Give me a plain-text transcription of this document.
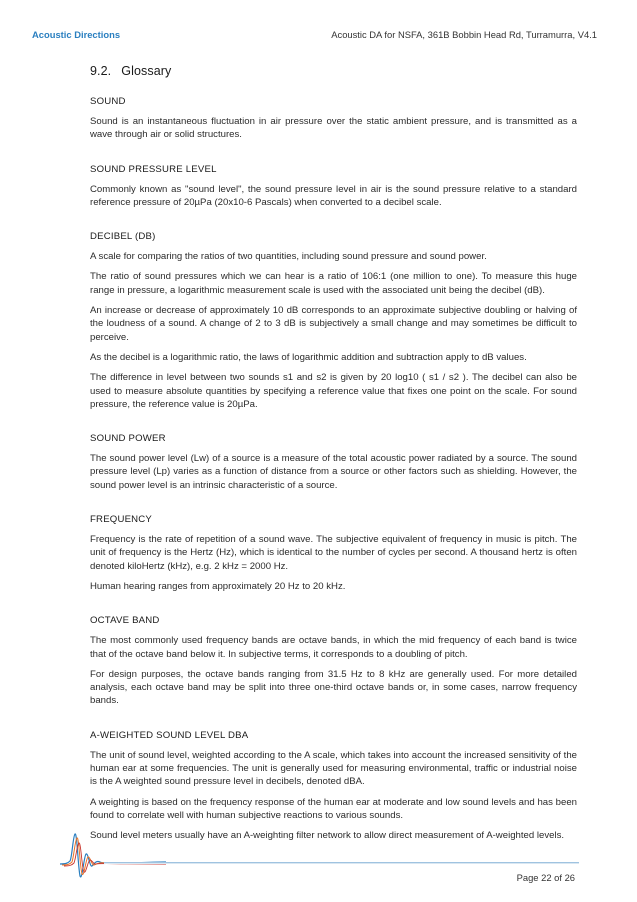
Acoustic Directions	Acoustic DA for NSFA, 361B Bobbin Head Rd, Turramurra, V4.1
9.2. Glossary
SOUND

Sound is an instantaneous fluctuation in air pressure over the static ambient pressure, and is transmitted as a wave through air or solid structures.

SOUND PRESSURE LEVEL

Commonly known as "sound level", the sound pressure level in air is the sound pressure relative to a standard reference pressure of 20µPa (20x10-6 Pascals) when converted to a decibel scale.

DECIBEL (DB)

A scale for comparing the ratios of two quantities, including sound pressure and sound power.

The ratio of sound pressures which we can hear is a ratio of 106:1 (one million to one). To measure this huge range in pressure, a logarithmic measurement scale is used with the associated unit being the decibel (dB).

An increase or decrease of approximately 10 dB corresponds to an approximate subjective doubling or halving of the loudness of a sound. A change of 2 to 3 dB is subjectively a small change and may sometimes be difficult to perceive.

As the decibel is a logarithmic ratio, the laws of logarithmic addition and subtraction apply to dB values.

The difference in level between two sounds s1 and s2 is given by 20 log10 ( s1 / s2 ). The decibel can also be used to measure absolute quantities by specifying a reference value that fixes one point on the scale. For sound pressure, the reference value is 20µPa.

SOUND POWER

The sound power level (Lw) of a source is a measure of the total acoustic power radiated by a source. The sound pressure level (Lp) varies as a function of distance from a source or other factors such as shielding. However, the sound power level is an intrinsic characteristic of a source.

FREQUENCY

Frequency is the rate of repetition of a sound wave. The subjective equivalent of frequency in music is pitch. The unit of frequency is the Hertz (Hz), which is identical to the number of cycles per second. A thousand hertz is often denoted kiloHertz (kHz), e.g. 2 kHz = 2000 Hz.

Human hearing ranges from approximately 20 Hz to 20 kHz.

OCTAVE BAND

The most commonly used frequency bands are octave bands, in which the mid frequency of each band is twice that of the octave band below it. In subjective terms, it corresponds to a doubling of pitch.

For design purposes, the octave bands ranging from 31.5 Hz to 8 kHz are generally used. For more detailed analysis, each octave band may be split into three one-third octave bands or, in some cases, narrow frequency bands.

A-WEIGHTED SOUND LEVEL DBA

The unit of sound level, weighted according to the A scale, which takes into account the increased sensitivity of the human ear at some frequencies. The unit is generally used for measuring environmental, traffic or industrial noise is the A weighted sound pressure level in decibels, denoted dBA.

A weighting is based on the frequency response of the human ear at moderate and low sound levels and has been found to correlate well with human subjective reactions to various sounds.

Sound level meters usually have an A-weighting filter network to allow direct measurement of A-weighted levels.

Page 22 of 26
